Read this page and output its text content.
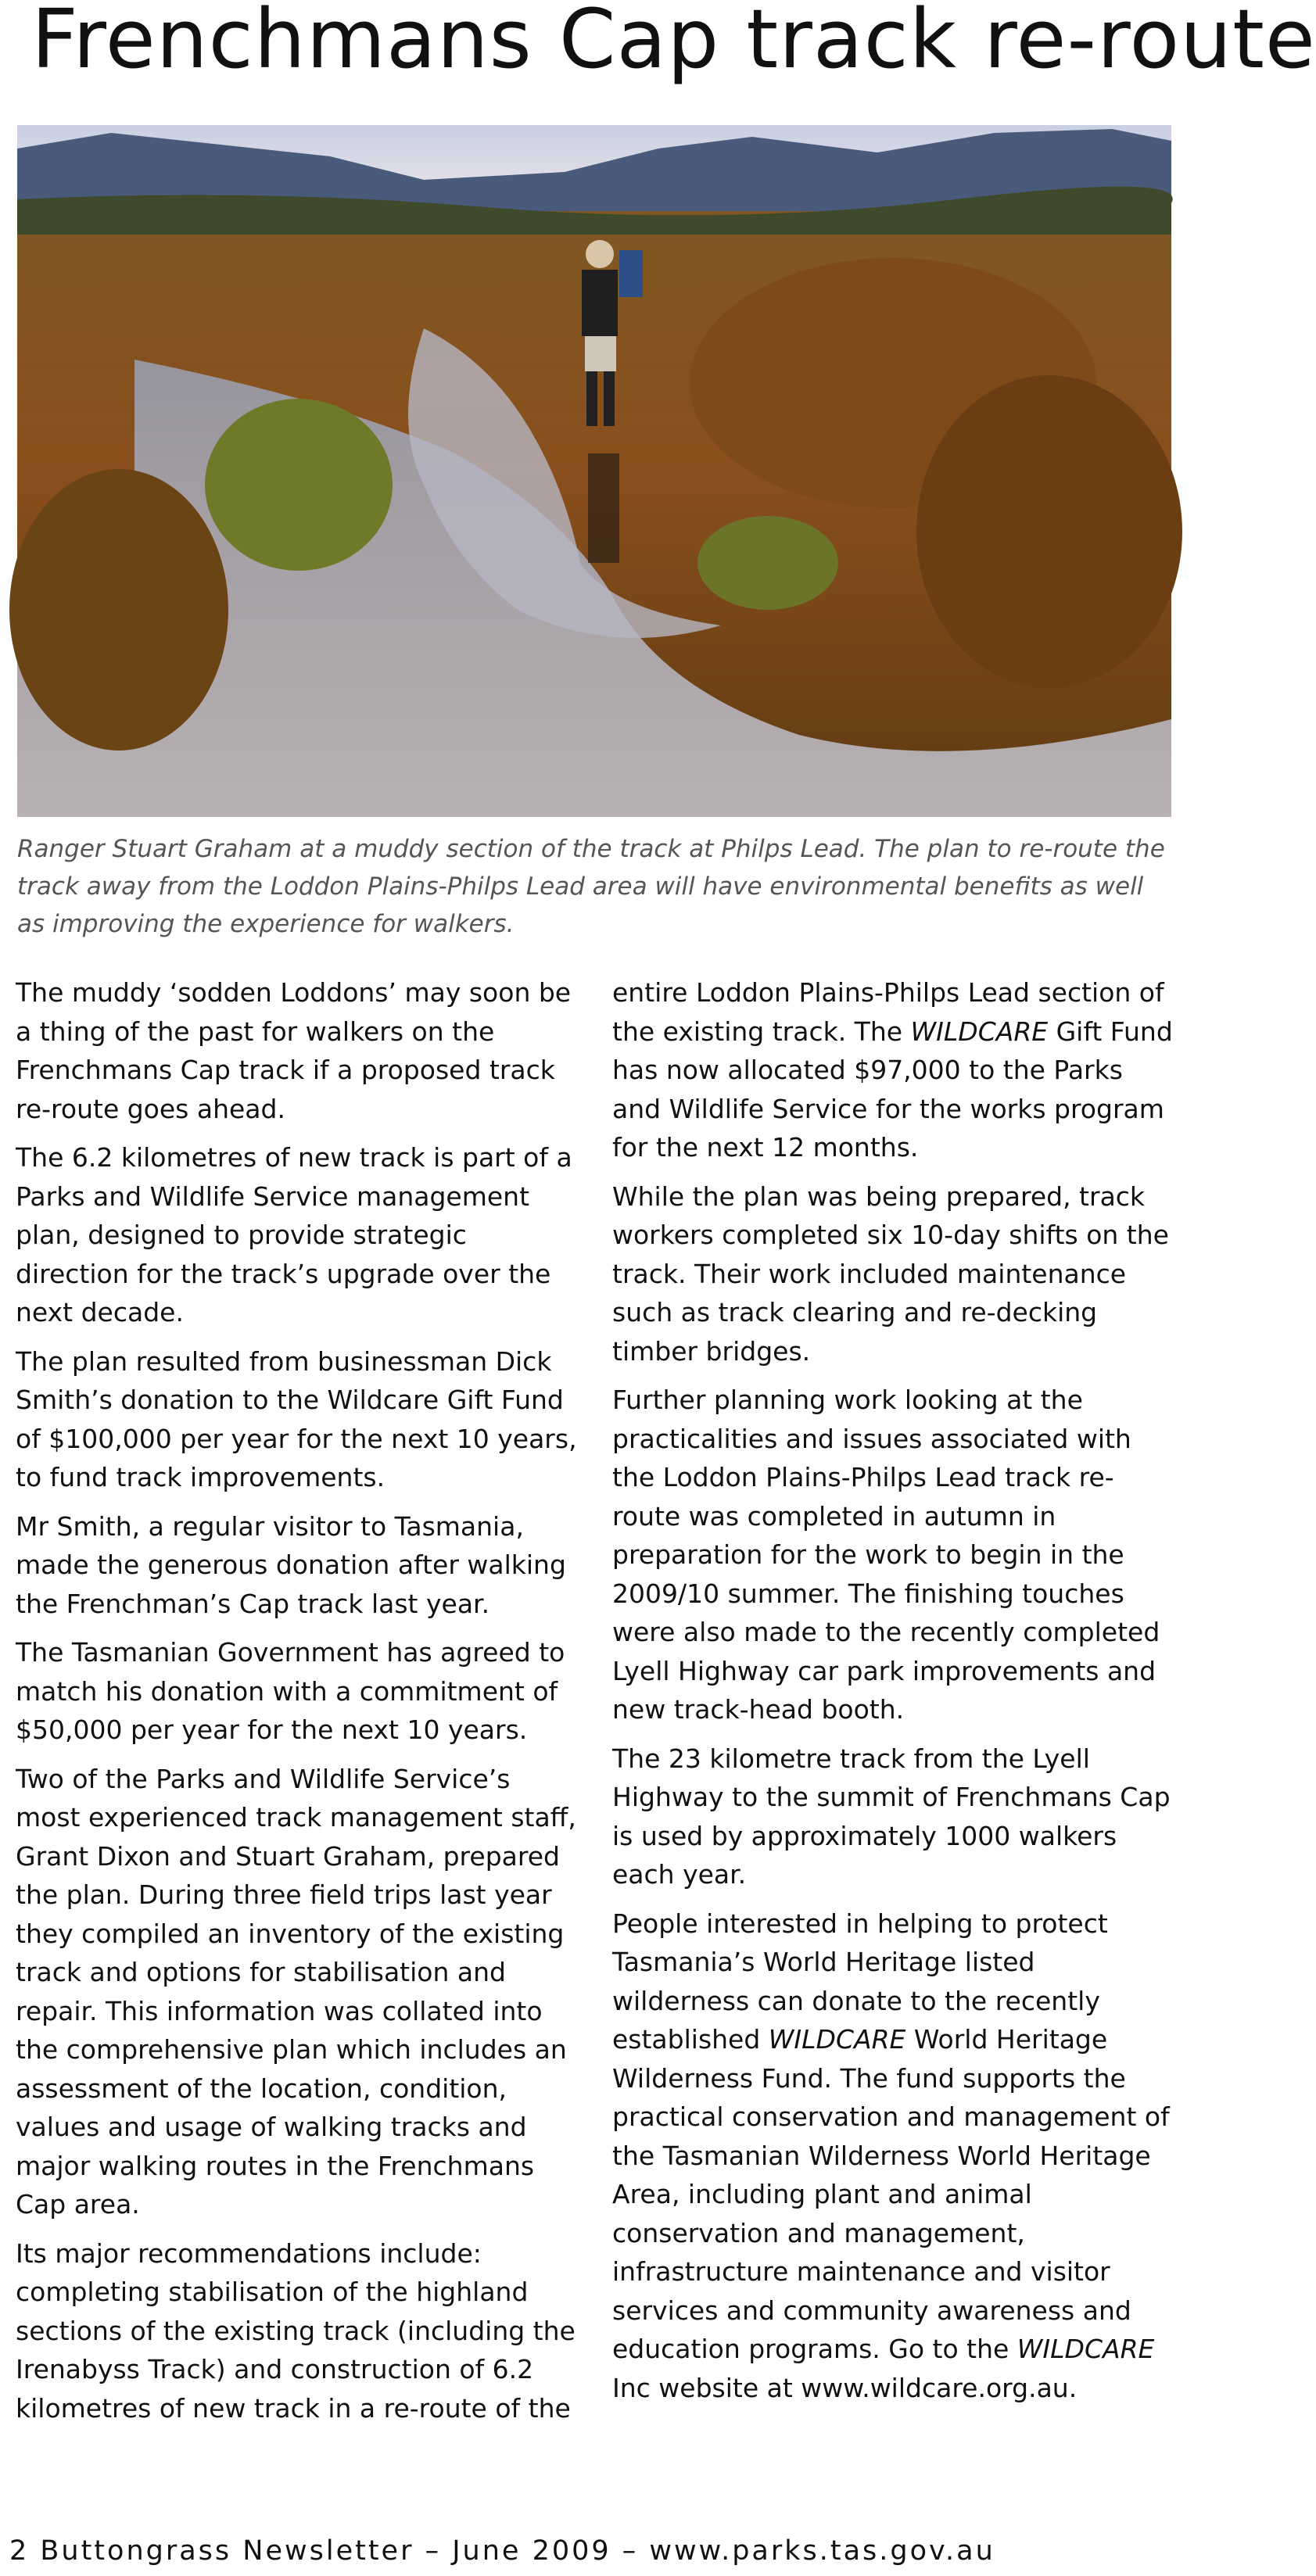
Frenchmans Cap track re-route
Ranger Stuart Graham at a muddy section of the track at Philps Lead. The plan to re-route the track away from the Loddon Plains-Philps Lead area will have environmental benefits as well as improving the experience for walkers.

The muddy ‘sodden Loddons’ may soon be a thing of the past for walkers on the Frenchmans Cap track if a proposed track re-route goes ahead.

The 6.2 kilometres of new track is part of a Parks and Wildlife Service management plan, designed to provide strategic direction for the track’s upgrade over the next decade.

The plan resulted from businessman Dick Smith’s donation to the Wildcare Gift Fund of $100,000 per year for the next 10 years, to fund track improvements.

Mr Smith, a regular visitor to Tasmania, made the generous donation after walking the Frenchman’s Cap track last year.

The Tasmanian Government has agreed to match his donation with a commitment of $50,000 per year for the next 10 years.

Two of the Parks and Wildlife Service’s most experienced track management staff, Grant Dixon and Stuart Graham, prepared the plan. During three field trips last year they compiled an inventory of the existing track and options for stabilisation and repair. This information was collated into the comprehensive plan which includes an assessment of the location, condition, values and usage of walking tracks and major walking routes in the Frenchmans Cap area.

Its major recommendations include: completing stabilisation of the highland sections of the existing track (including the Irenabyss Track) and construction of 6.2 kilometres of new track in a re-route of the

entire Loddon Plains-Philps Lead section of the existing track. The WILDCARE Gift Fund has now allocated $97,000 to the Parks and Wildlife Service for the works program for the next 12 months.

While the plan was being prepared, track workers completed six 10-day shifts on the track. Their work included maintenance such as track clearing and re-decking timber bridges.

Further planning work looking at the practicalities and issues associated with the Loddon Plains-Philps Lead track re-route was completed in autumn in preparation for the work to begin in the 2009/10 summer. The finishing touches were also made to the recently completed Lyell Highway car park improvements and new track-head booth.

The 23 kilometre track from the Lyell Highway to the summit of Frenchmans Cap is used by approximately 1000 walkers each year.

People interested in helping to protect Tasmania’s World Heritage listed wilderness can donate to the recently established WILDCARE World Heritage Wilderness Fund. The fund supports the practical conservation and management of the Tasmanian Wilderness World Heritage Area, including plant and animal conservation and management, infrastructure maintenance and visitor services and community awareness and education programs. Go to the WILDCARE Inc website at www.wildcare.org.au.

2 Buttongrass Newsletter – June 2009 – www.parks.tas.gov.au
